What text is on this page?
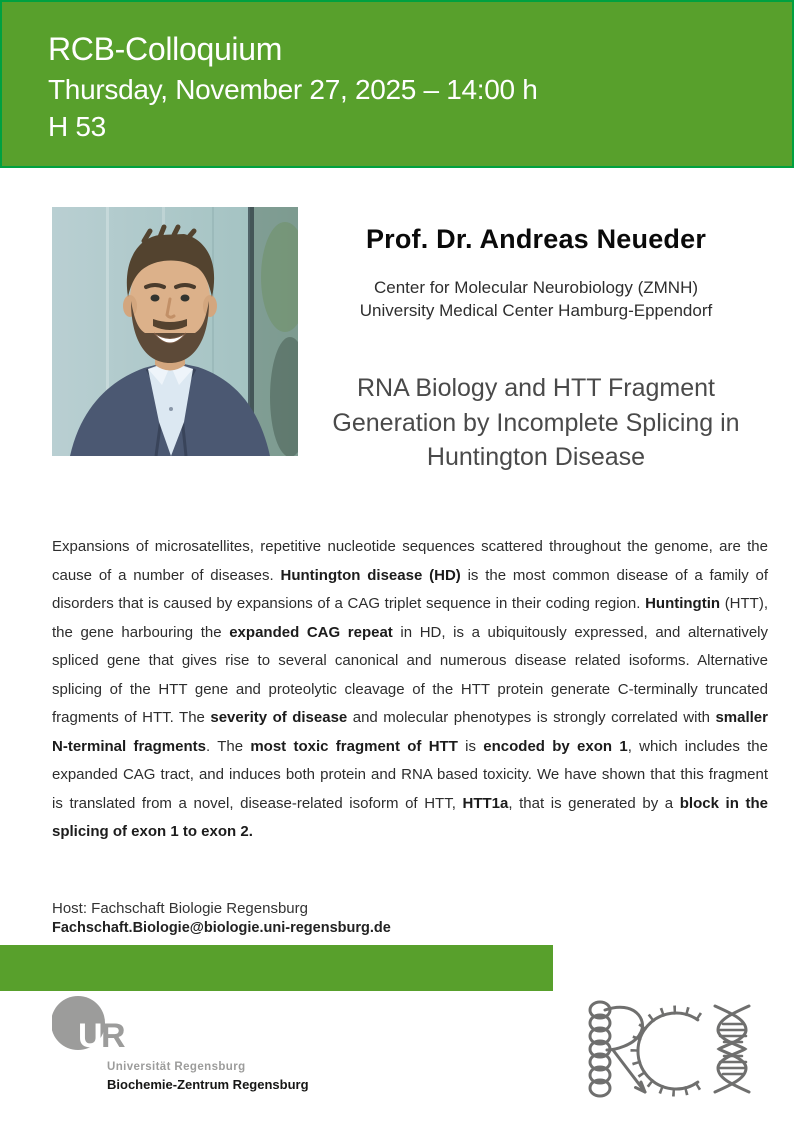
RCB-Colloquium
Thursday, November 27, 2025 – 14:00 h
H 53
Prof. Dr. Andreas Neueder
Center for Molecular Neurobiology (ZMNH)
University Medical Center Hamburg-Eppendorf
RNA Biology and HTT Fragment
Generation by Incomplete Splicing in
Huntington Disease

Expansions of microsatellites, repetitive nucleotide sequences scattered throughout the genome, are the cause of a number of diseases. Huntington disease (HD) is the most common disease of a family of disorders that is caused by expansions of a CAG triplet sequence in their coding region. Huntingtin (HTT), the gene harbouring the expanded CAG repeat in HD, is a ubiquitously expressed, and alternatively spliced gene that gives rise to several canonical and numerous disease related isoforms. Alternative splicing of the HTT gene and proteolytic cleavage of the HTT protein generate C-terminally truncated fragments of HTT. The severity of disease and molecular phenotypes is strongly correlated with smaller N-terminal fragments. The most toxic fragment of HTT is encoded by exon 1, which includes the expanded CAG tract, and induces both protein and RNA based toxicity. We have shown that this fragment is translated from a novel, disease-related isoform of HTT, HTT1a, that is generated by a block in the splicing of exon 1 to exon 2.

Host: Fachschaft Biologie Regensburg
Fachschaft.Biologie@biologie.uni-regensburg.de
U R
Universität Regensburg
Biochemie-Zentrum Regensburg
